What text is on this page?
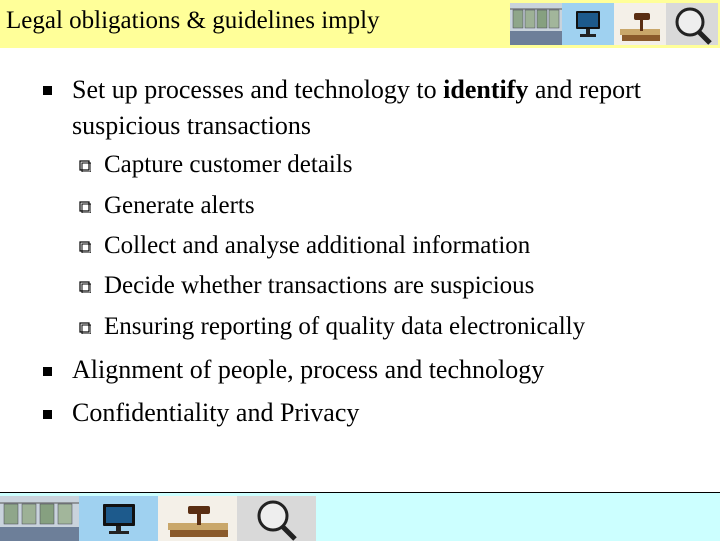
Legal obligations & guidelines imply
Set up processes and technology to identify and report suspicious transactions
Capture customer details
Generate alerts
Collect and analyse additional information
Decide whether transactions are suspicious
Ensuring reporting of quality data electronically
Alignment of people, process and technology
Confidentiality and Privacy
